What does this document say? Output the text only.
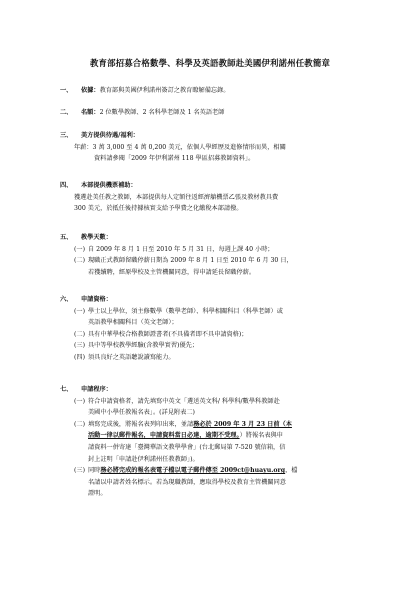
教育部招募合格數學、科學及英語教師赴美國伊利諾州任教簡章
一、 依據：教育部與美國伊利諾州簽訂之教育瞭解備忘錄。
二、 名額：2 位數學教師、2 名科學老師及 1 名英語老師
三、 美方提供待遇/福利：
年薪：3 萬 3,000 至 4 萬 0,200 美元，依個人學經歷及進修情形而異，相關
資料請參閱「2009 年伊利諾州 118 學區招募教師資料」。
四、 本部提供機票補助：
獲遴赴美任教之教師，本部提供每人定額往返經濟艙機票乙張及教材教具費
300 美元，於抵任後持據核實支給予學費之化繳稅本部請撥。
五、 教學天數：
(一) 自 2009 年 8 月 1 日至 2010 年 5 月 31 日，每週上課 40 小時；
(二) 現職正式教師留職停薪日期為 2009 年 8 月 1 日至 2010 年 6 月 30 日，
若獲續聘，經原學校及主管機關同意，得申請延長留職停薪。
六、 申請資格：
(一) 學士以上學位，須主修數學（數學老師）、科學相關科目（科學老師）或
英語教學相關科目（英文老師）；
(二) 具有中華學校合格教師證書者(不具備者即不具申請資格)；
(三) 具中等學校教學經驗(含教學實習)優先；
(四) 須具良好之英語聽說讀寫能力。
七、 申請程序：
(一) 符合申請資格者，請先填寫中英文「遴送英文科/ 科學科/數學科教師赴
美國中小學任教報名表」。(詳見附表二)
(二) 填寫完成後，將報名表列印出來，並請務必於 2009 年 3 月 23 日前（本
活動一律以郵件報名，申請資料當日必達，逾期不受理。）將報名表與申
請資料一併寄達「臺灣華語文教學學會」(台北郵局第 7-520 號信箱，信
封上註明「申請赴伊利諾州任教教師」)。
(三) 同時務必將完成的報名表電子檔以電子郵件傳至 2009ct@huayu.org，檔
名請以申請者姓名標示。若為現職教師，應取得學校及教育主管機關同意
證明。
